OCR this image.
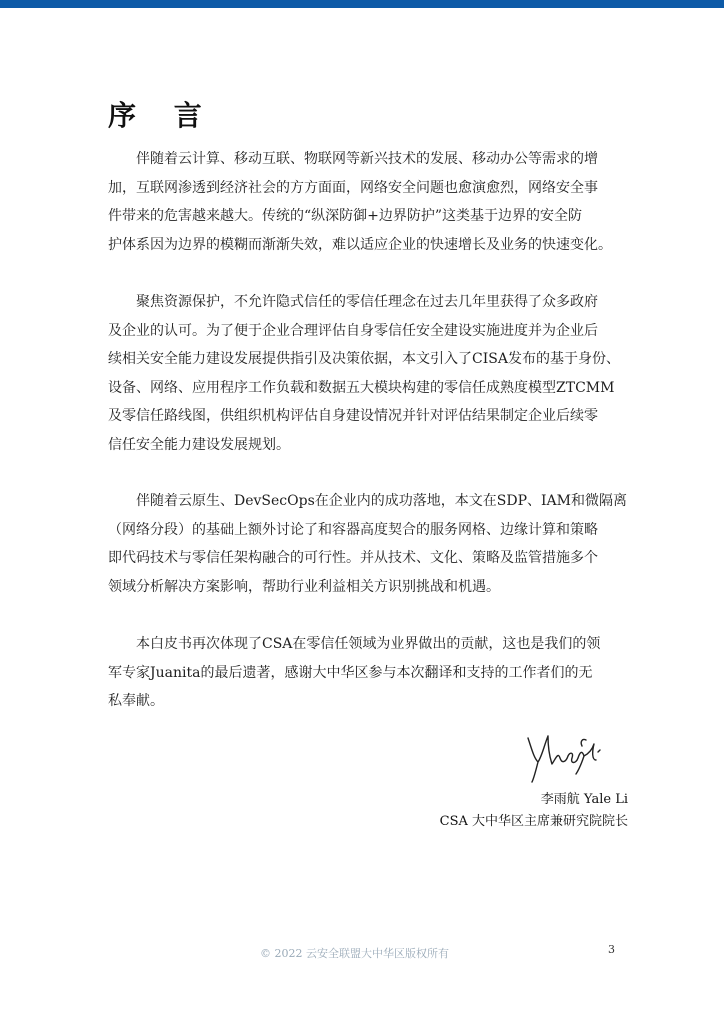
序 言
　　伴随着云计算、移动互联、物联网等新兴技术的发展、移动办公等需求的增
加，互联网渗透到经济社会的方方面面，网络安全问题也愈演愈烈，网络安全事
件带来的危害越来越大。传统的“纵深防御+边界防护”这类基于边界的安全防
护体系因为边界的模糊而渐渐失效，难以适应企业的快速增长及业务的快速变化。
　　聚焦资源保护，不允许隐式信任的零信任理念在过去几年里获得了众多政府
及企业的认可。为了便于企业合理评估自身零信任安全建设实施进度并为企业后
续相关安全能力建设发展提供指引及决策依据，本文引入了CISA发布的基于身份、
设备、网络、应用程序工作负载和数据五大模块构建的零信任成熟度模型ZTCMM
及零信任路线图，供组织机构评估自身建设情况并针对评估结果制定企业后续零
信任安全能力建设发展规划。
　　伴随着云原生、DevSecOps在企业内的成功落地，本文在SDP、IAM和微隔离
（网络分段）的基础上额外讨论了和容器高度契合的服务网格、边缘计算和策略
即代码技术与零信任架构融合的可行性。并从技术、文化、策略及监管措施多个
领域分析解决方案影响，帮助行业利益相关方识别挑战和机遇。
　　本白皮书再次体现了CSA在零信任领域为业界做出的贡献，这也是我们的领
军专家Juanita的最后遗著，感谢大中华区参与本次翻译和支持的工作者们的无
私奉献。
李雨航 Yale Li
CSA 大中华区主席兼研究院院长
© 2022 云安全联盟大中华区版权所有	3
